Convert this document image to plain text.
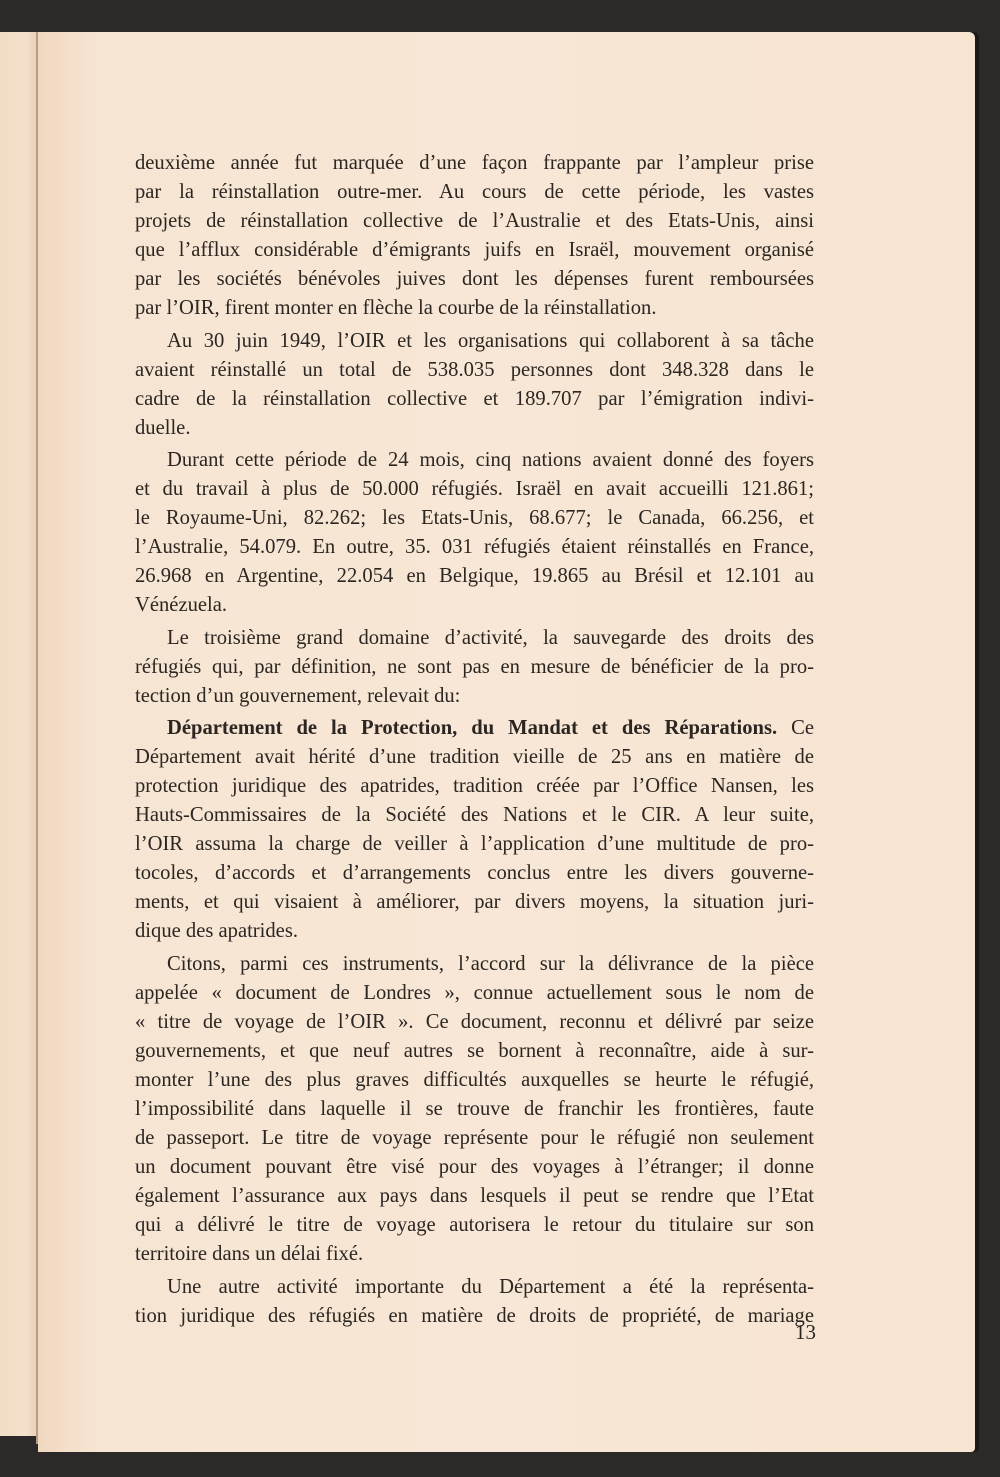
deuxième année fut marquée d’une façon frappante par l’ampleur prise
par la réinstallation outre-mer. Au cours de cette période, les vastes
projets de réinstallation collective de l’Australie et des Etats-Unis, ainsi
que l’afflux considérable d’émigrants juifs en Israël, mouvement organisé
par les sociétés bénévoles juives dont les dépenses furent remboursées
par l’OIR, firent monter en flèche la courbe de la réinstallation.

Au 30 juin 1949, l’OIR et les organisations qui collaborent à sa tâche
avaient réinstallé un total de 538.035 personnes dont 348.328 dans le
cadre de la réinstallation collective et 189.707 par l’émigration indivi-
duelle.

Durant cette période de 24 mois, cinq nations avaient donné des foyers
et du travail à plus de 50.000 réfugiés. Israël en avait accueilli 121.861;
le Royaume-Uni, 82.262; les Etats-Unis, 68.677; le Canada, 66.256, et
l’Australie, 54.079. En outre, 35. 031 réfugiés étaient réinstallés en France,
26.968 en Argentine, 22.054 en Belgique, 19.865 au Brésil et 12.101 au
Vénézuela.

Le troisième grand domaine d’activité, la sauvegarde des droits des
réfugiés qui, par définition, ne sont pas en mesure de bénéficier de la pro-
tection d’un gouvernement, relevait du:

Département de la Protection, du Mandat et des Réparations. Ce
Département avait hérité d’une tradition vieille de 25 ans en matière de
protection juridique des apatrides, tradition créée par l’Office Nansen, les
Hauts-Commissaires de la Société des Nations et le CIR. A leur suite,
l’OIR assuma la charge de veiller à l’application d’une multitude de pro-
tocoles, d’accords et d’arrangements conclus entre les divers gouverne-
ments, et qui visaient à améliorer, par divers moyens, la situation juri-
dique des apatrides.

Citons, parmi ces instruments, l’accord sur la délivrance de la pièce
appelée « document de Londres », connue actuellement sous le nom de
« titre de voyage de l’OIR ». Ce document, reconnu et délivré par seize
gouvernements, et que neuf autres se bornent à reconnaître, aide à sur-
monter l’une des plus graves difficultés auxquelles se heurte le réfugié,
l’impossibilité dans laquelle il se trouve de franchir les frontières, faute
de passeport. Le titre de voyage représente pour le réfugié non seulement
un document pouvant être visé pour des voyages à l’étranger; il donne
également l’assurance aux pays dans lesquels il peut se rendre que l’Etat
qui a délivré le titre de voyage autorisera le retour du titulaire sur son
territoire dans un délai fixé.

Une autre activité importante du Département a été la représenta-
tion juridique des réfugiés en matière de droits de propriété, de mariage

13
